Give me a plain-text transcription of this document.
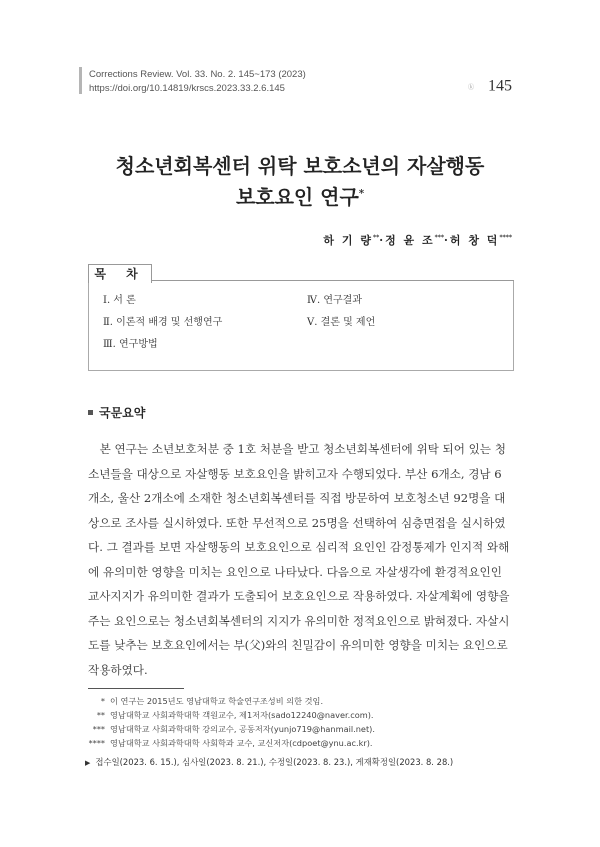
Corrections Review. Vol. 33. No. 2. 145~173 (2023)
https://doi.org/10.14819/krscs.2023.33.2.6.145	ⓚ 145
청소년회복센터 위탁 보호소년의 자살행동
보호요인 연구*
하 기 량**·정 윤 조***·허 창 덕****
목 차
Ⅰ. 서 론
Ⅱ. 이론적 배경 및 선행연구
Ⅲ. 연구방법
Ⅳ. 연구결과
Ⅴ. 결론 및 제언
국문요약
　본 연구는 소년보호처분 중 1호 처분을 받고 청소년회복센터에 위탁 되어 있는 청
소년들을 대상으로 자살행동 보호요인을 밝히고자 수행되었다. 부산 6개소, 경남 6
개소, 울산 2개소에 소재한 청소년회복센터를 직접 방문하여 보호청소년 92명을 대
상으로 조사를 실시하였다. 또한 무선적으로 25명을 선택하여 심층면접을 실시하였
다. 그 결과를 보면 자살행동의 보호요인으로 심리적 요인인 감정통제가 인지적 와해
에 유의미한 영향을 미치는 요인으로 나타났다. 다음으로 자살생각에 환경적요인인
교사지지가 유의미한 결과가 도출되어 보호요인으로 작용하였다. 자살계획에 영향을
주는 요인으로는 청소년회복센터의 지지가 유의미한 정적요인으로 밝혀졌다. 자살시
도를 낮추는 보호요인에서는 부(父)와의 친밀감이 유의미한 영향을 미치는 요인으로
작용하였다.
* 이 연구는 2015년도 영남대학교 학술연구조성비 의한 것임.
** 영남대학교 사회과학대학 객원교수, 제1저자(sado12240@naver.com).
*** 영남대학교 사회과학대학 강의교수, 공동저자(yunjo719@hanmail.net).
**** 영남대학교 사회과학대학 사회학과 교수, 교신저자(cdpoet@ynu.ac.kr).
▶ 접수일(2023. 6. 15.), 심사일(2023. 8. 21.), 수정일(2023. 8. 23.), 게재확정일(2023. 8. 28.)
